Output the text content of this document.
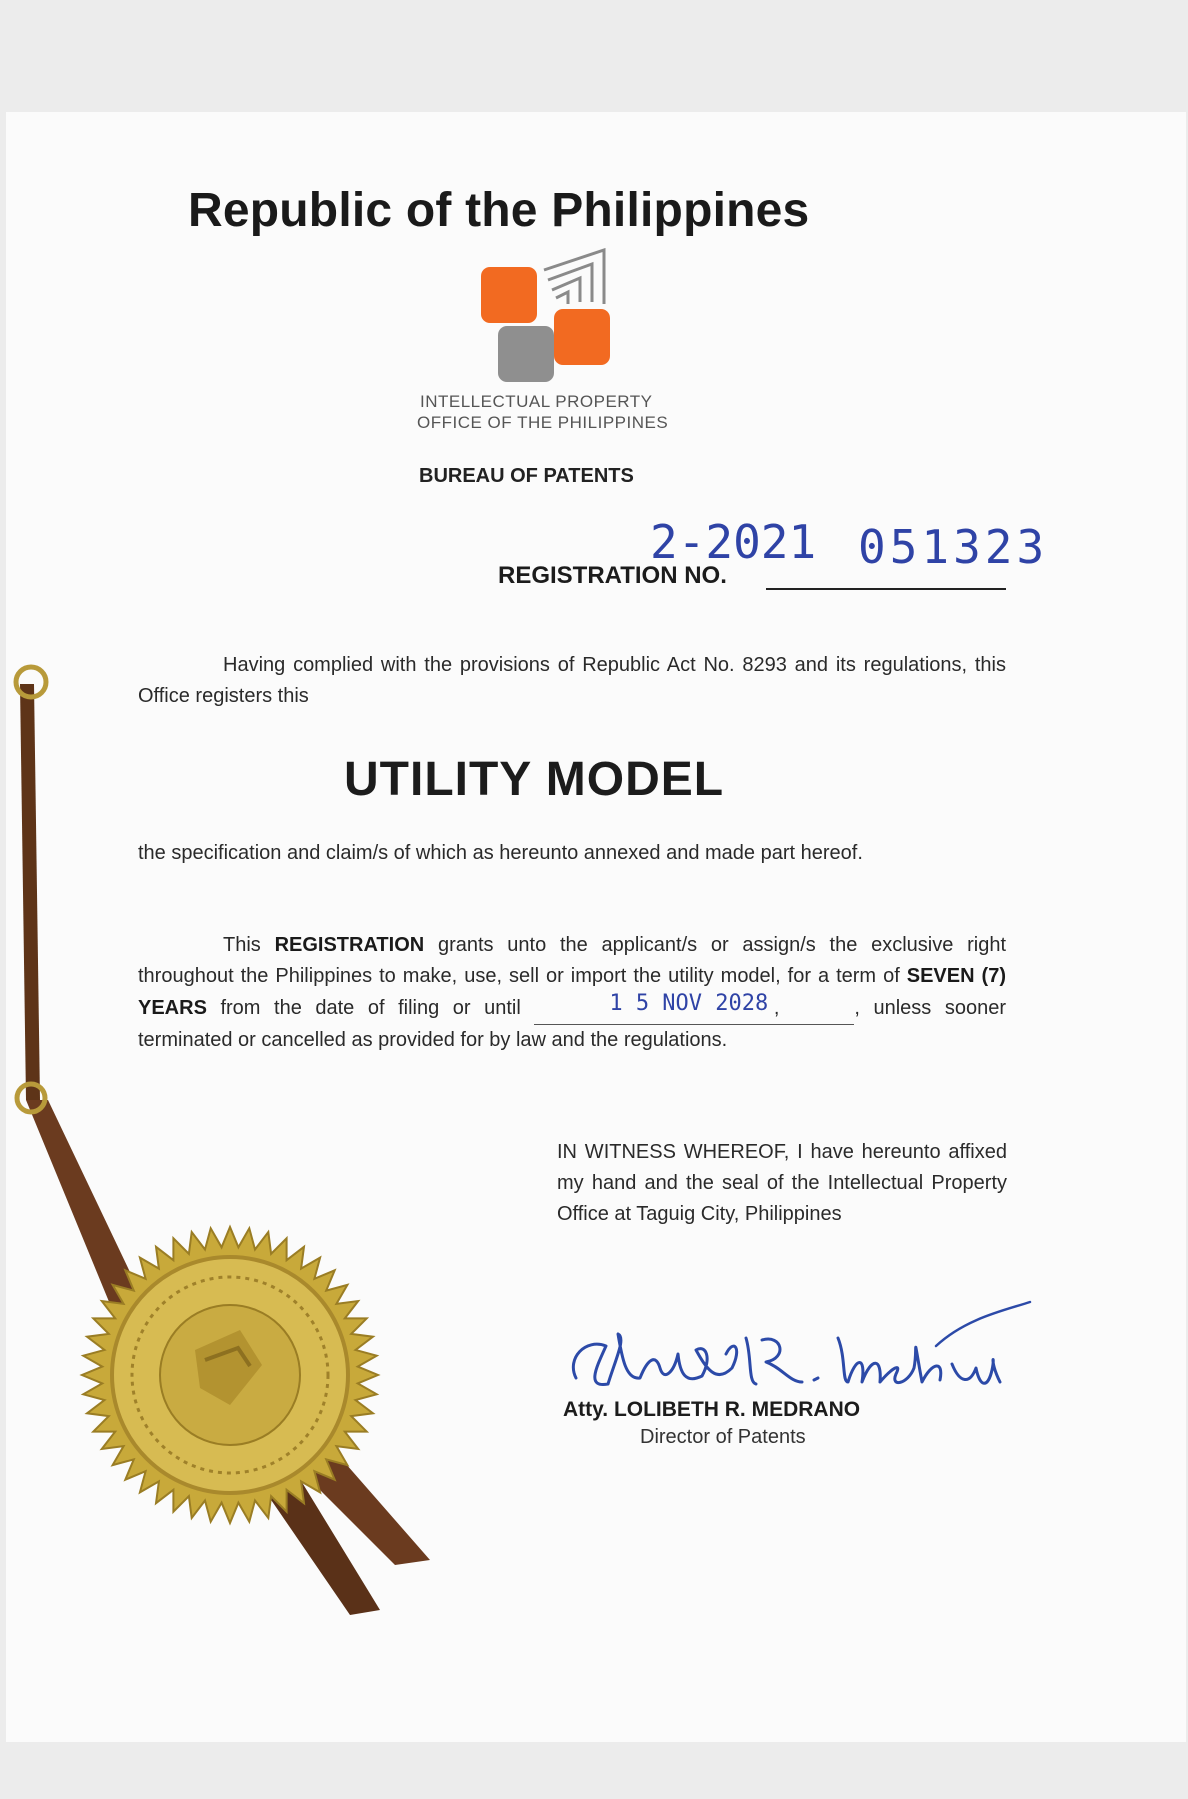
Republic of the Philippines
INTELLECTUAL PROPERTY
OFFICE OF THE PHILIPPINES
BUREAU OF PATENTS
2-2021 051323
REGISTRATION NO.
Having complied with the provisions of Republic Act No. 8293 and its regulations, this Office registers this
UTILITY MODEL
the specification and claim/s of which as hereunto annexed and made part hereof.
This REGISTRATION grants unto the applicant/s or assign/s the exclusive right throughout the Philippines to make, use, sell or import the utility model, for a term of SEVEN (7) YEARS from the date of filing or until	1 5 NOV 2028 ,	, unless sooner terminated or cancelled as provided for by law and the regulations.
IN WITNESS WHEREOF, I have hereunto affixed my hand and the seal of the Intellectual Property Office at Taguig City, Philippines
Atty. LOLIBETH R. MEDRANO
Director of Patents
